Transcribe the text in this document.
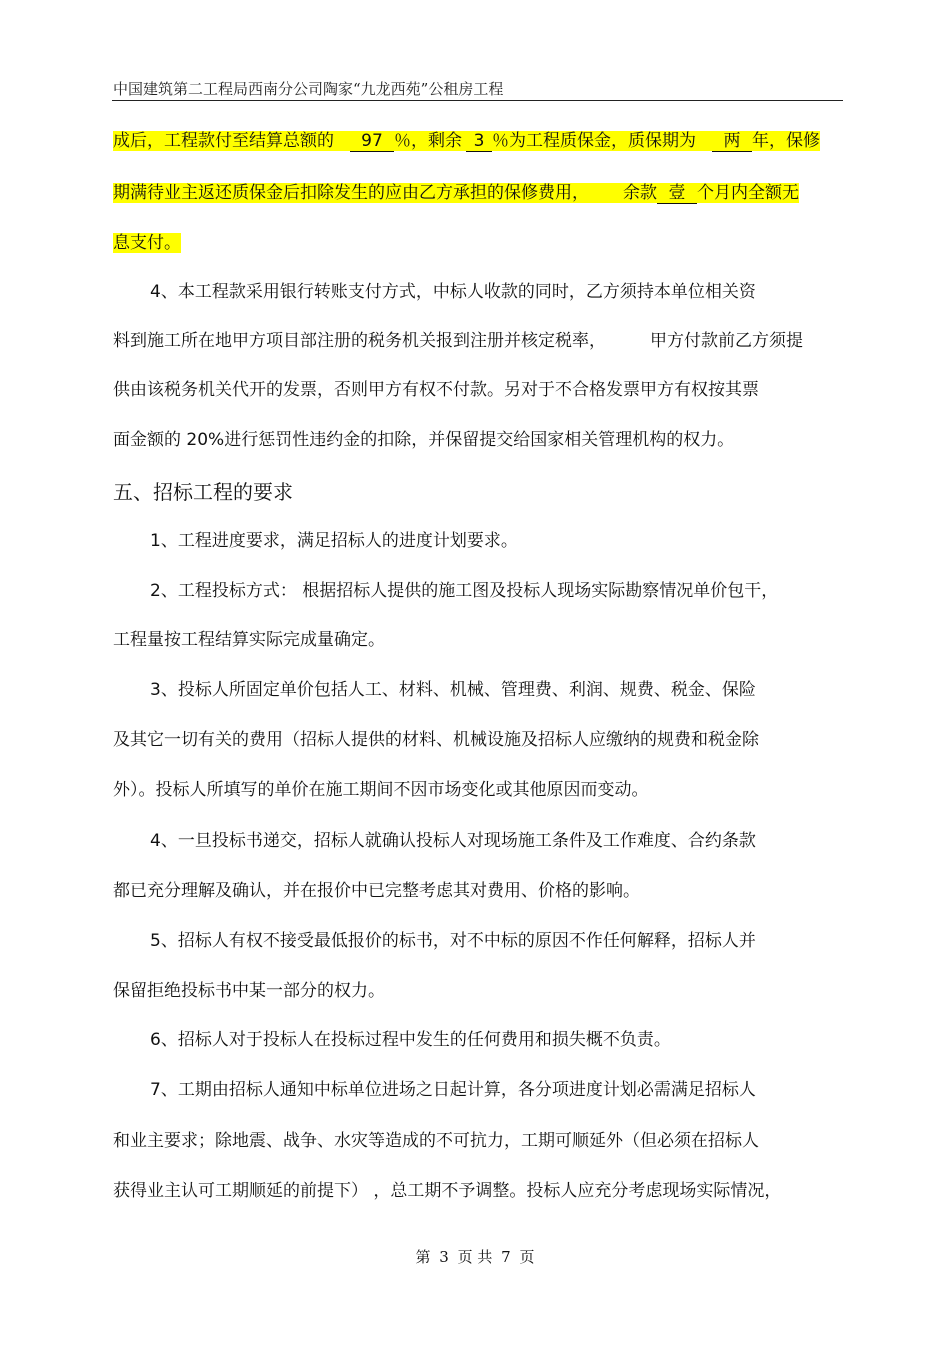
中国建筑第二工程局西南分公司陶家“九龙西苑”公租房工程
成后，工程款付至结算总额的 97 ％，剩余 3 ％为工程质保金，质保期为 两 年，保修
期满待业主返还质保金后扣除发生的应由乙方承担的保修费用， 余款 壹 个月内全额无
息支付。
4、本工程款采用银行转账支付方式，中标人收款的同时，乙方须持本单位相关资
料到施工所在地甲方项目部注册的税务机关报到注册并核定税率，	甲方付款前乙方须提
供由该税务机关代开的发票，否则甲方有权不付款。另对于不合格发票甲方有权按其票
面金额的 20%进行惩罚性违约金的扣除，并保留提交给国家相关管理机构的权力。
五、招标工程的要求
1、工程进度要求，满足招标人的进度计划要求。
2、工程投标方式： 根据招标人提供的施工图及投标人现场实际勘察情况单价包干，
工程量按工程结算实际完成量确定。
3、投标人所固定单价包括人工、材料、机械、管理费、利润、规费、税金、保险
及其它一切有关的费用（招标人提供的材料、机械设施及招标人应缴纳的规费和税金除
外）。投标人所填写的单价在施工期间不因市场变化或其他原因而变动。
4、一旦投标书递交，招标人就确认投标人对现场施工条件及工作难度、合约条款
都已充分理解及确认，并在报价中已完整考虑其对费用、价格的影响。
5、招标人有权不接受最低报价的标书，对不中标的原因不作任何解释，招标人并
保留拒绝投标书中某一部分的权力。
6、招标人对于投标人在投标过程中发生的任何费用和损失概不负责。
7、工期由招标人通知中标单位进场之日起计算，各分项进度计划必需满足招标人
和业主要求；除地震、战争、水灾等造成的不可抗力，工期可顺延外（但必须在招标人
获得业主认可工期顺延的前提下） ，总工期不予调整。投标人应充分考虑现场实际情况，
第 3 页 共 7 页
